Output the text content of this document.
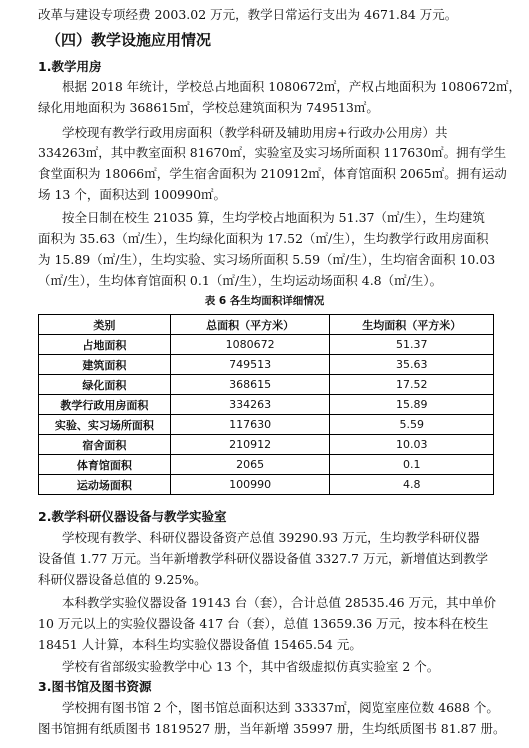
改革与建设专项经费 2003.02 万元，教学日常运行支出为 4671.84 万元。
（四）教学设施应用情况
1.教学用房
根据 2018 年统计，学校总占地面积 1080672㎡，产权占地面积为 1080672㎡，
绿化用地面积为 368615㎡，学校总建筑面积为 749513㎡。
学校现有教学行政用房面积（教学科研及辅助用房+行政办公用房）共
334263㎡，其中教室面积 81670㎡，实验室及实习场所面积 117630㎡。拥有学生
食堂面积为 18066㎡，学生宿舍面积为 210912㎡，体育馆面积 2065㎡。拥有运动
场 13 个，面积达到 100990㎡。
按全日制在校生 21035 算，生均学校占地面积为 51.37（㎡/生），生均建筑
面积为 35.63（㎡/生），生均绿化面积为 17.52（㎡/生），生均教学行政用房面积
为 15.89（㎡/生），生均实验、实习场所面积 5.59（㎡/生），生均宿舍面积 10.03
（㎡/生），生均体育馆面积 0.1（㎡/生），生均运动场面积 4.8（㎡/生）。
表 6 各生均面积详细情况
类别	总面积（平方米）	生均面积（平方米）
占地面积	1080672	51.37
建筑面积	749513	35.63
绿化面积	368615	17.52
教学行政用房面积	334263	15.89
实验、实习场所面积	117630	5.59
宿舍面积	210912	10.03
体育馆面积	2065	0.1
运动场面积	100990	4.8
2.教学科研仪器设备与教学实验室
学校现有教学、科研仪器设备资产总值 39290.93 万元，生均教学科研仪器
设备值 1.77 万元。当年新增教学科研仪器设备值 3327.7 万元，新增值达到教学
科研仪器设备总值的 9.25%。
本科教学实验仪器设备 19143 台（套），合计总值 28535.46 万元，其中单价
10 万元以上的实验仪器设备 417 台（套），总值 13659.36 万元，按本科在校生
18451 人计算，本科生均实验仪器设备值 15465.54 元。
学校有省部级实验教学中心 13 个，其中省级虚拟仿真实验室 2 个。
3.图书馆及图书资源
学校拥有图书馆 2 个，图书馆总面积达到 33337㎡，阅览室座位数 4688 个。
图书馆拥有纸质图书 1819527 册，当年新增 35997 册，生均纸质图书 81.87 册。
